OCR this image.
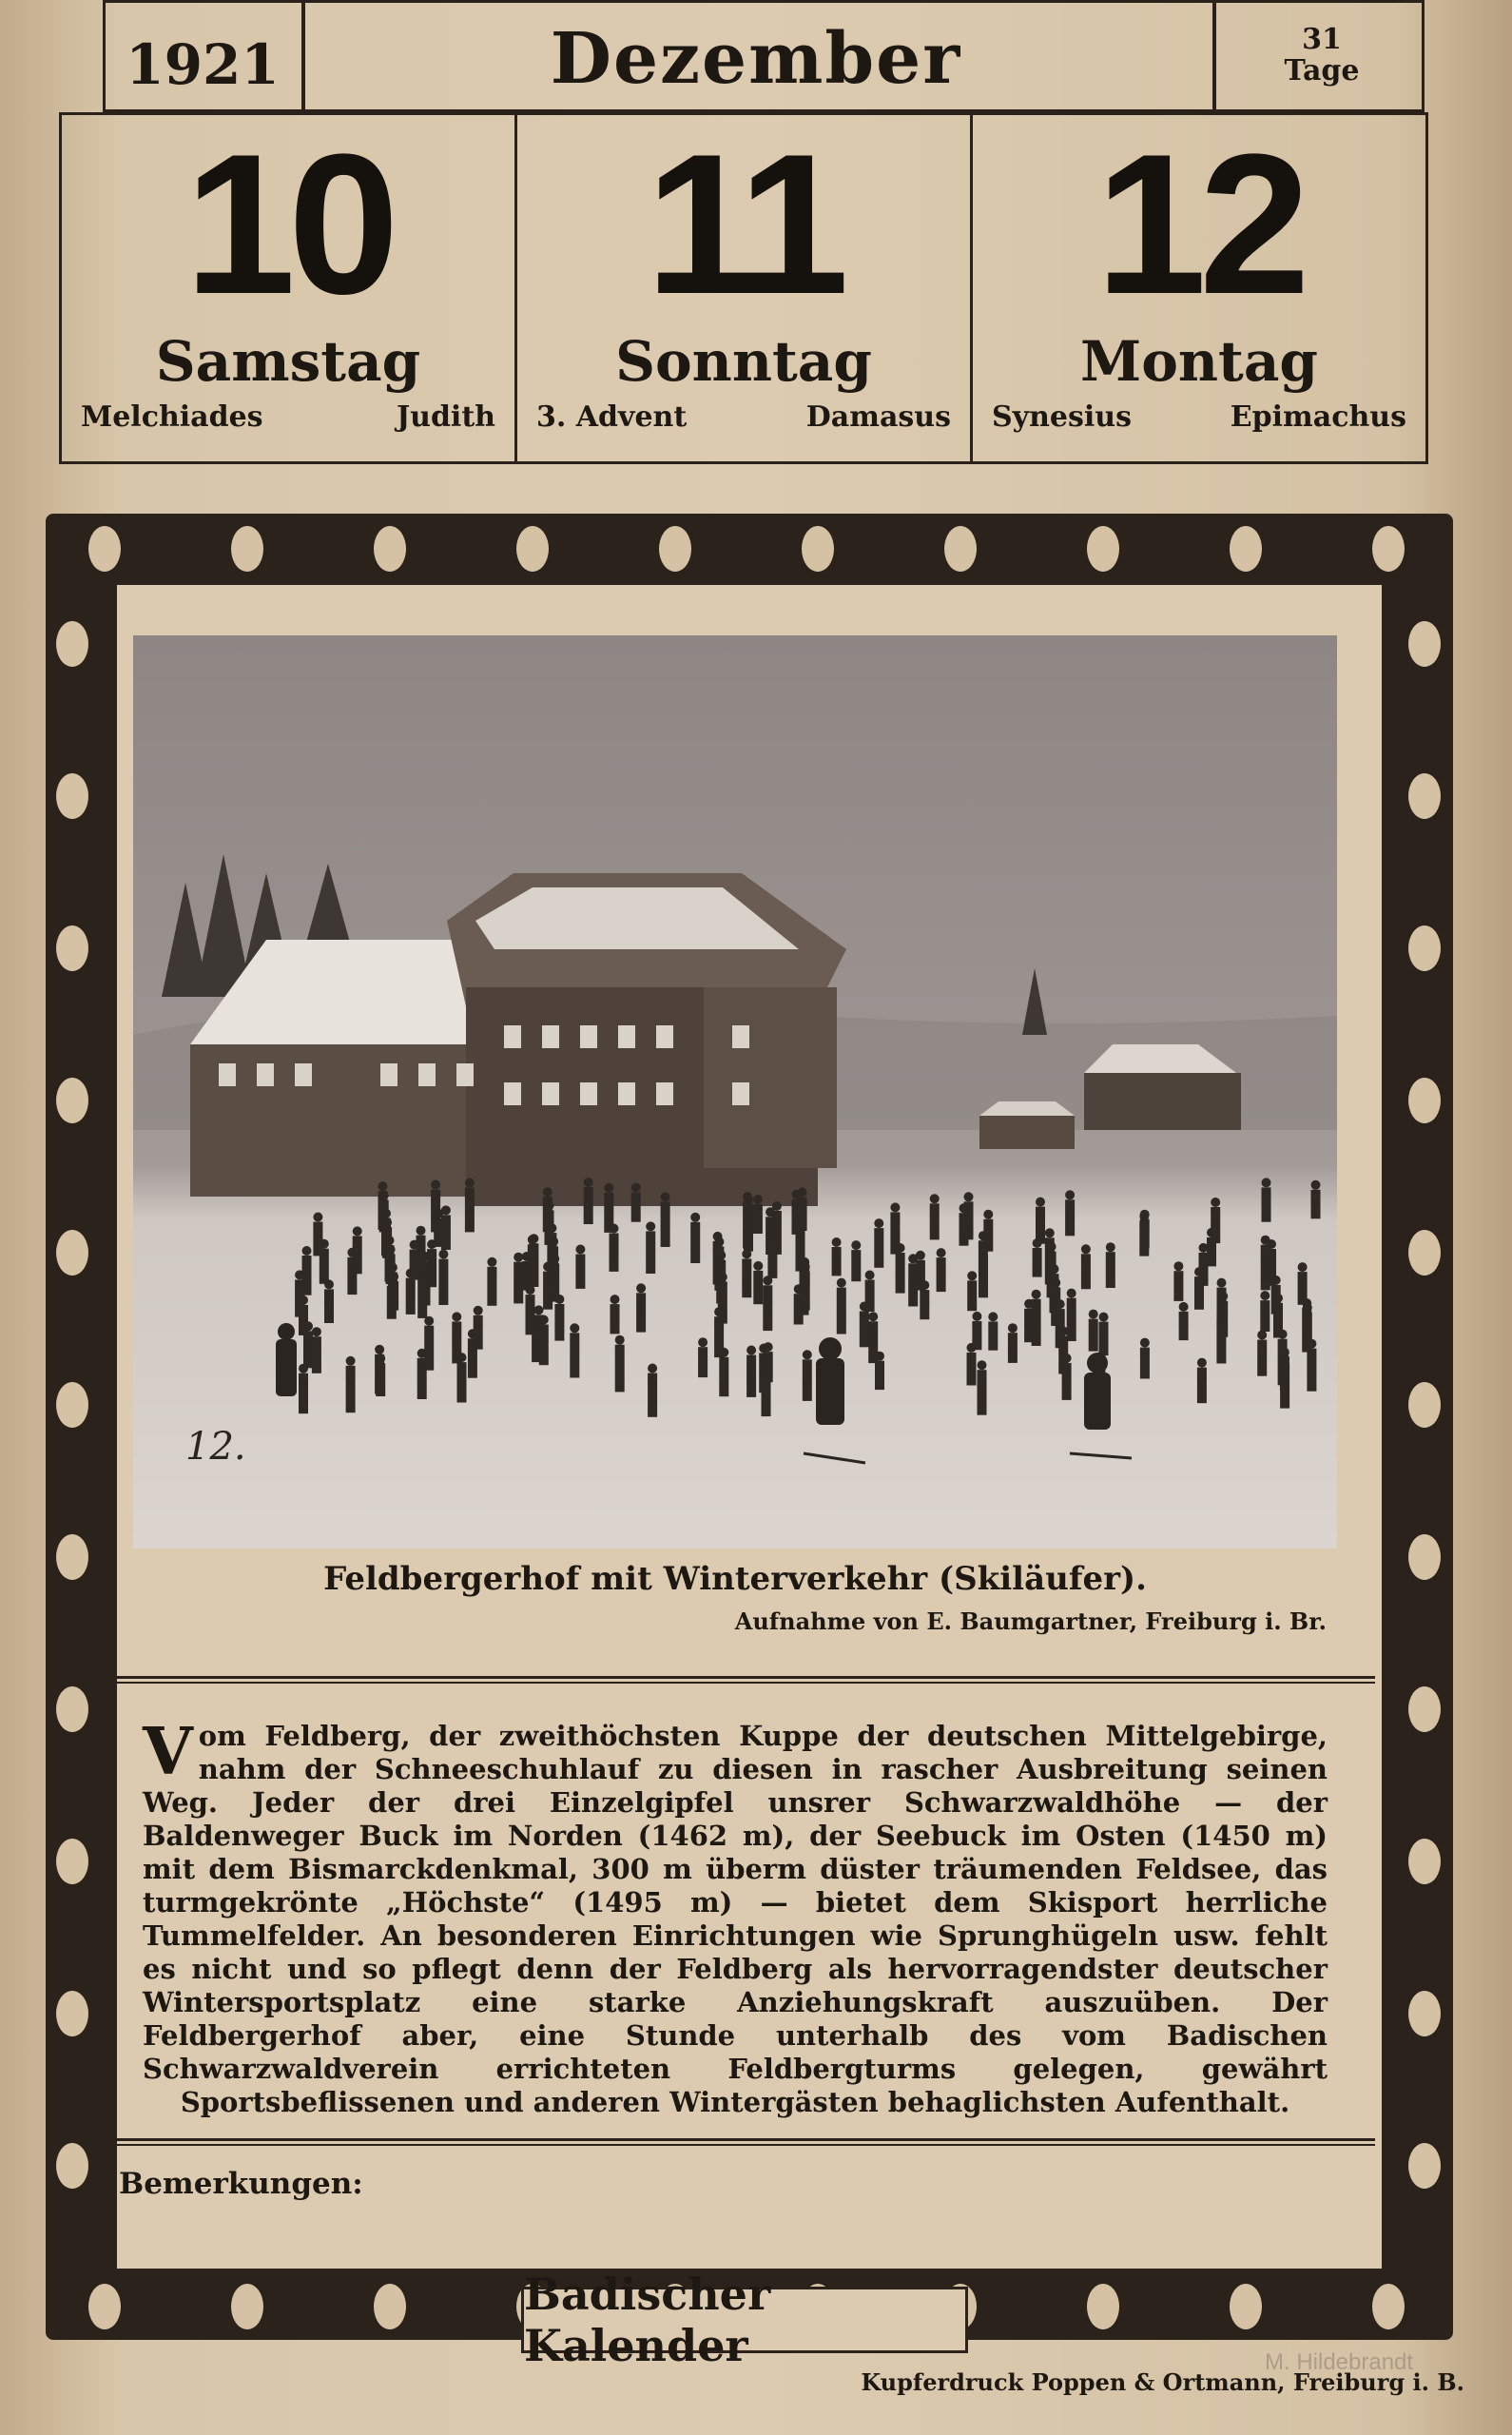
1921	Dezember	31
Tage
10
Samstag
Melchiades	Judith
11
Sonntag
3. Advent	Damasus
12
Montag
Synesius	Epimachus
12.
Feldbergerhof mit Winterverkehr (Skiläufer).
Aufnahme von E. Baumgartner, Freiburg i. Br.
Vom Feldberg, der zweithöchsten Kuppe der deutschen Mittelgebirge, nahm der Schneeschuhlauf zu diesen in rascher Ausbreitung seinen Weg. Jeder der drei Einzelgipfel unsrer Schwarzwaldhöhe — der Baldenweger Buck im Norden (1462 m), der Seebuck im Osten (1450 m) mit dem Bismarckdenkmal, 300 m überm düster träumenden Feldsee, das turmgekrönte „Höchste“ (1495 m) — bietet dem Skisport herrliche Tummelfelder. An besonderen Einrichtungen wie Sprunghügeln usw. fehlt es nicht und so pflegt denn der Feldberg als hervorragendster deutscher Wintersportsplatz eine starke Anziehungskraft auszuüben. Der Feldbergerhof aber, eine Stunde unterhalb des vom Badischen Schwarzwaldverein errichteten Feldbergturms gelegen, gewährt Sportsbeflissenen und anderen Wintergästen behaglichsten Aufenthalt.
Bemerkungen:
Badischer Kalender
Kupferdruck Poppen & Ortmann, Freiburg i. B.
M. Hildebrandt
